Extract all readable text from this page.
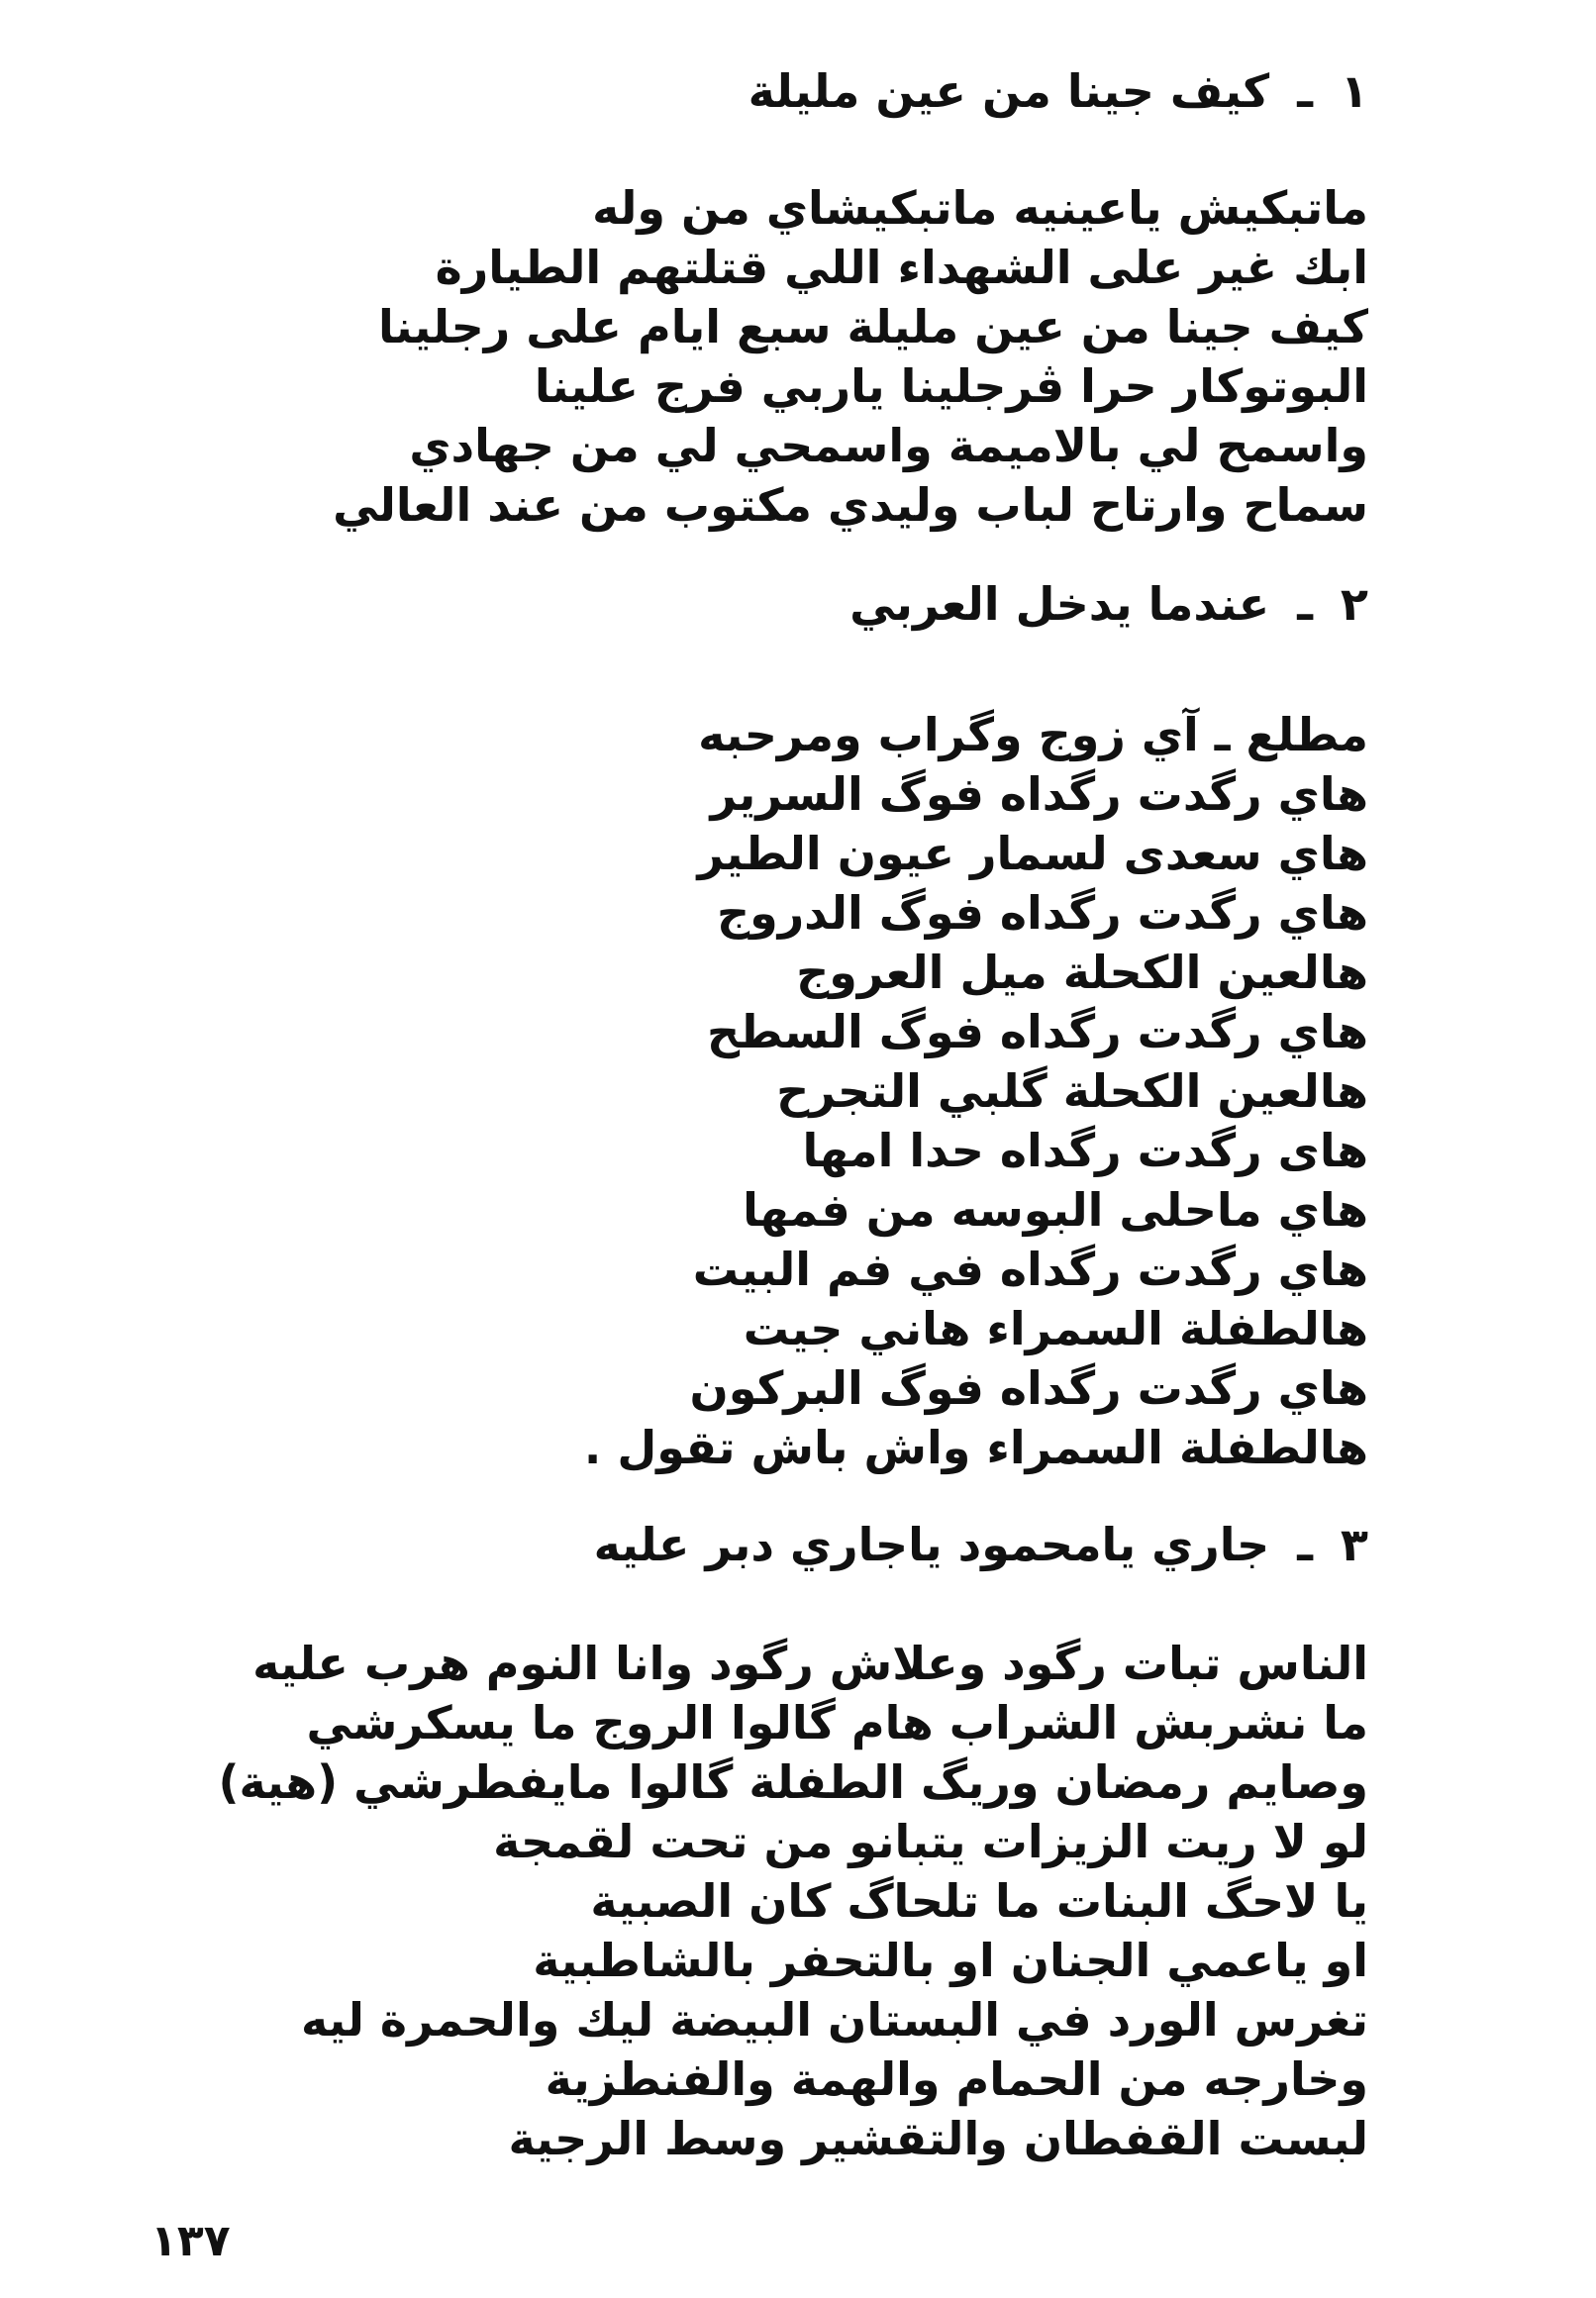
١
ـ
كيف جينا من عين مليلة

ماتبكيش ياعينيه ماتبكيشاي من وله

ابك غير على الشهداء اللي قتلتهم الطيارة

كيف جينا من عين مليلة سبع ايام على رجلينا

البوتوكار حرا ڨرجلينا ياربي فرج علينا

واسمح لي بالاميمة واسمحي لي من جهادي

سماح وارتاح لباب وليدي مكتوب من عند العالي

٢
ـ
عندما يدخل العربي

مطلع ـ آي زوج وگراب ومرحبه

هاي رگدت رگداه فوگ السرير

هاي سعدى لسمار عيون الطير

هاي رگدت رگداه فوگ الدروج

هالعين الكحلة ميل العروج

هاي رگدت رگداه فوگ السطح

هالعين الكحلة گلبي التجرح

هاى رگدت رگداه حدا امها

هاي ماحلى البوسه من فمها

هاي رگدت رگداه في فم البيت

هالطفلة السمراء هاني جيت

هاي رگدت رگداه فوگ البركون

هالطفلة السمراء واش باش تقول .

٣
ـ
جاري يامحمود ياجاري دبر عليه

الناس تبات رگود وعلاش رگود وانا النوم هرب عليه

ما نشربش الشراب هام گالوا الروج ما يسكرشي

وصايم رمضان وريگ الطفلة گالوا مايفطرشي (هية)

لو لا ريت الزيزات يتبانو من تحت لقمجة

يا لاحگ البنات ما تلحاگ كان الصبية

او ياعمي الجنان او بالتحفر بالشاطبية

تغرس الورد في البستان البيضة ليك والحمرة ليه

وخارجه من الحمام والهمة والفنطزية

لبست القفطان والتقشير وسط الرجية

١٣٧
